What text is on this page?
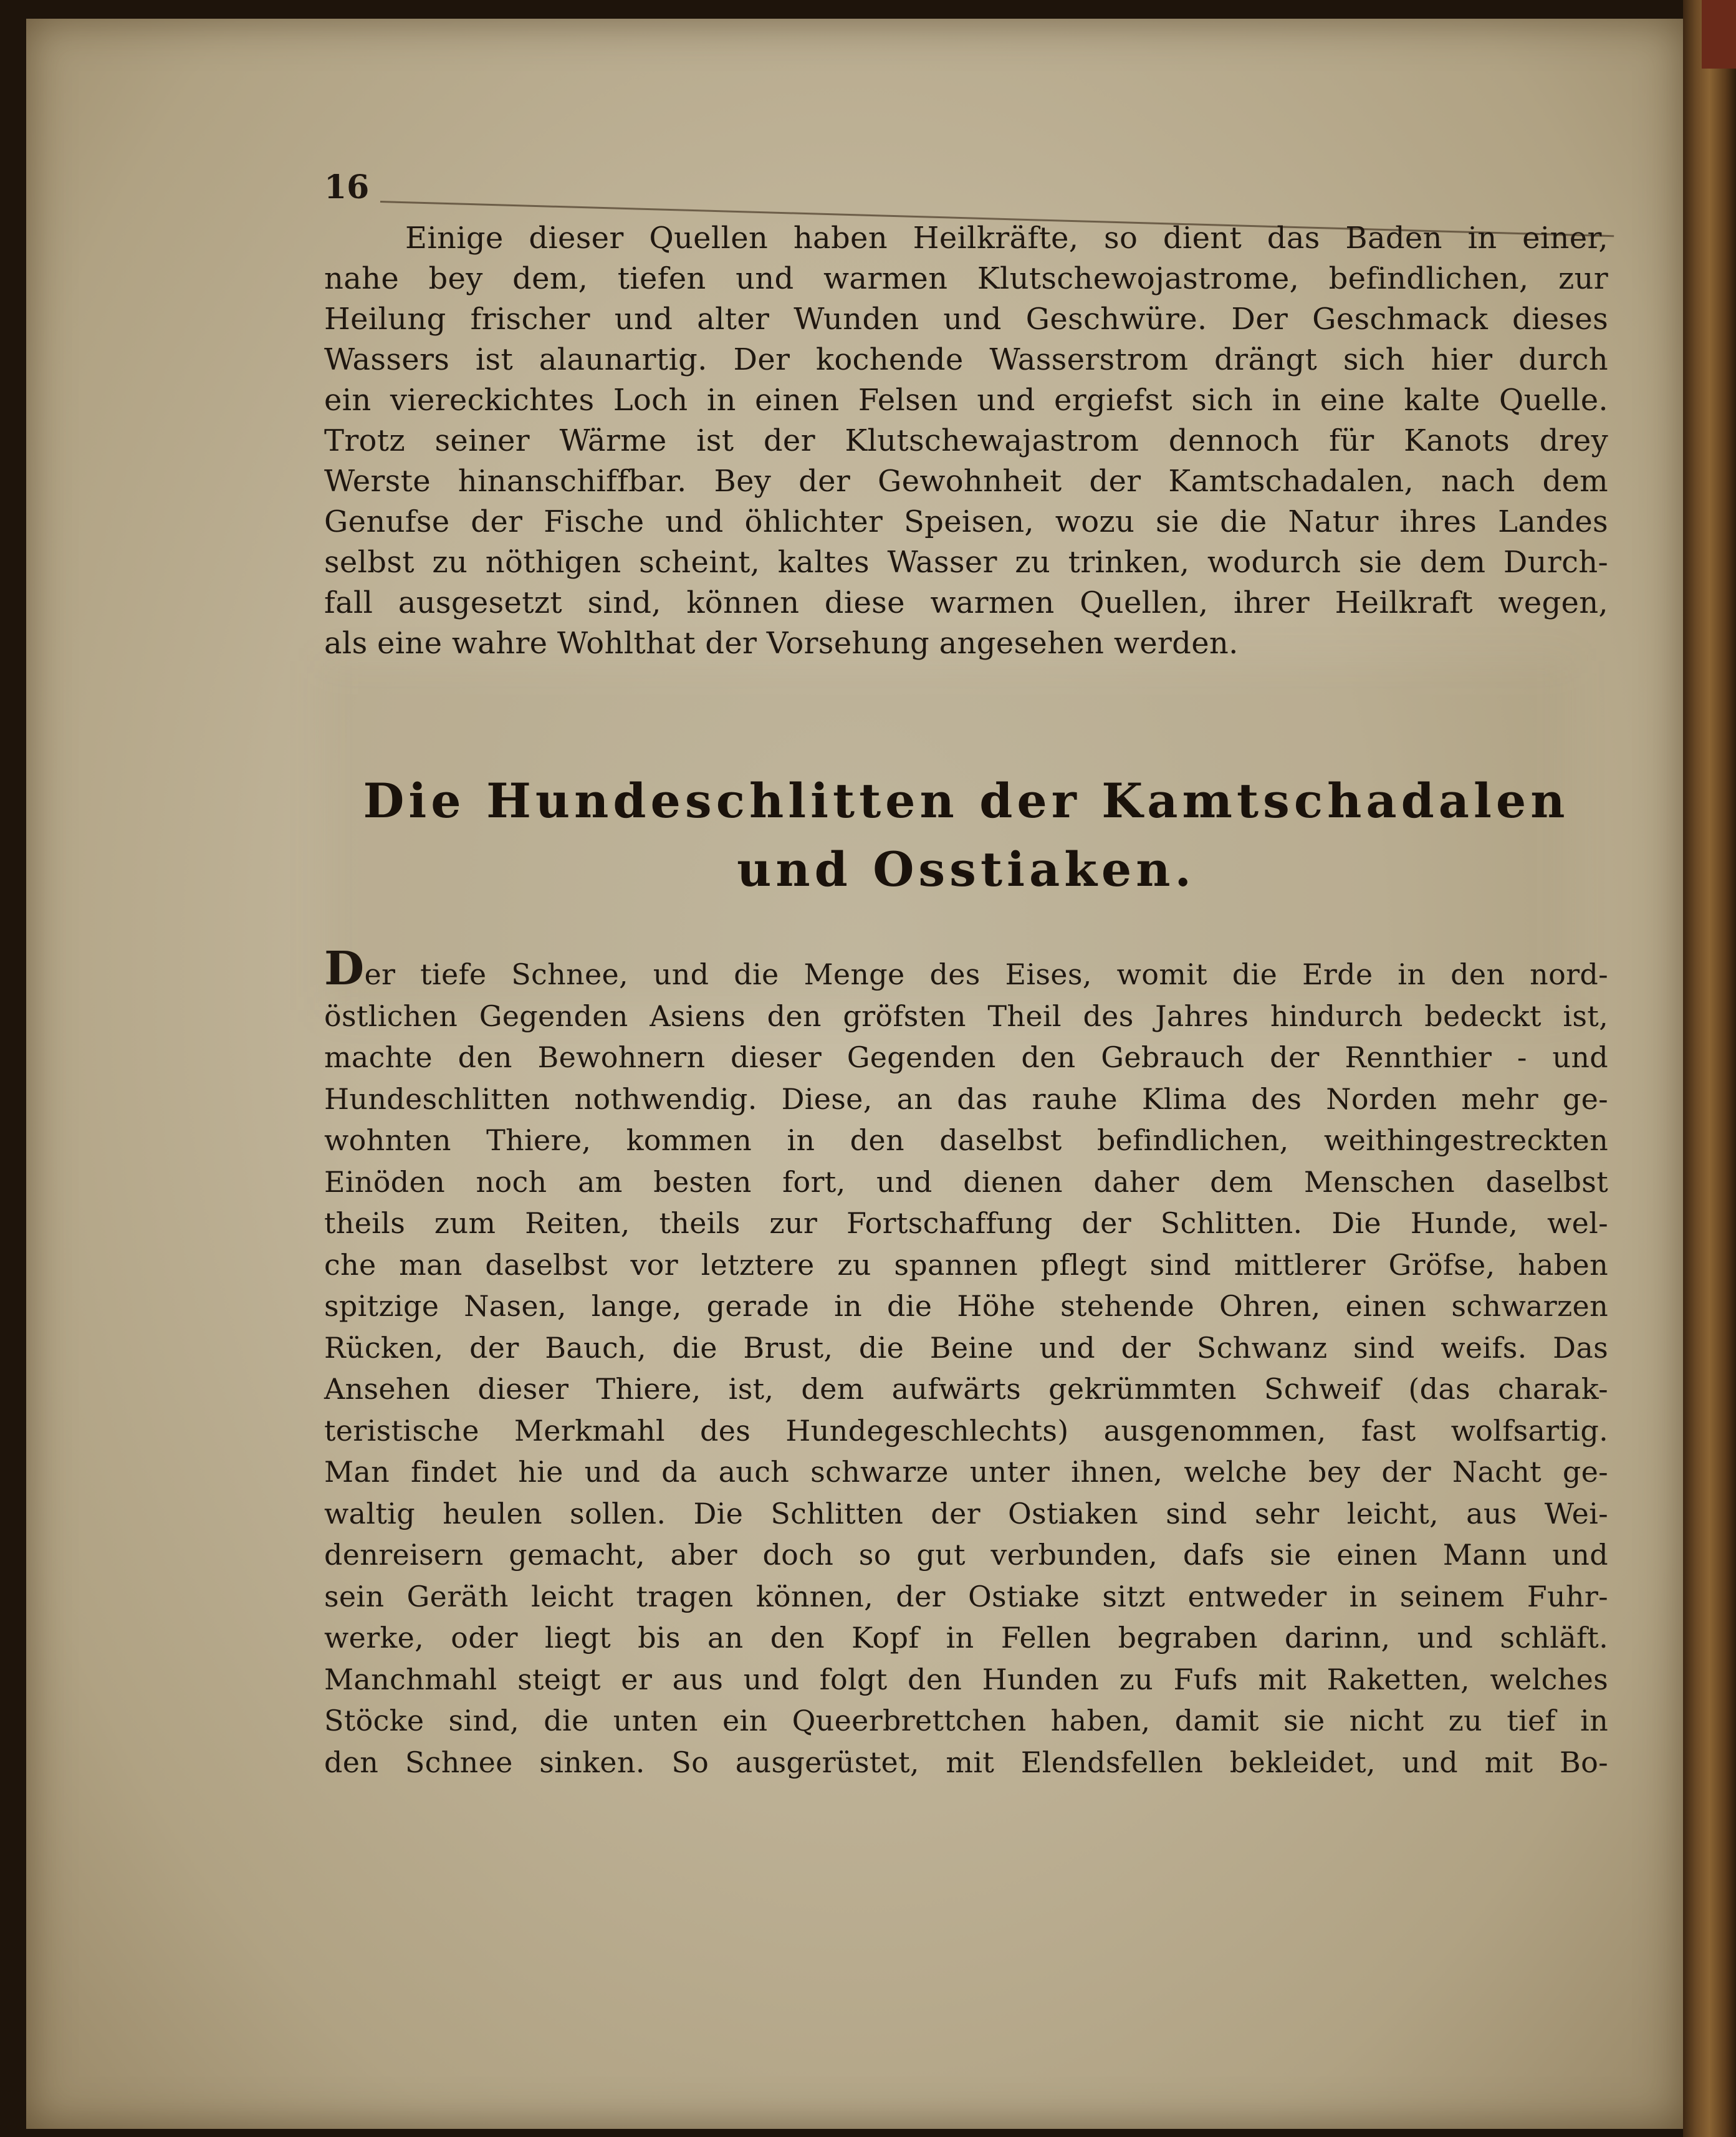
16
Einige dieser Quellen haben Heilkräfte, so dient das Baden in einer,
nahe bey dem, tiefen und warmen Klutschewojastrome, befindlichen, zur
Heilung frischer und alter Wunden und Geschwüre. Der Geschmack dieses
Wassers ist alaunartig. Der kochende Wasserstrom drängt sich hier durch
ein viereckichtes Loch in einen Felsen und ergiefst sich in eine kalte Quelle.
Trotz seiner Wärme ist der Klutschewajastrom dennoch für Kanots drey
Werste hinanschiffbar. Bey der Gewohnheit der Kamtschadalen, nach dem
Genufse der Fische und öhlichter Speisen, wozu sie die Natur ihres Landes
selbst zu nöthigen scheint, kaltes Wasser zu trinken, wodurch sie dem Durch-
fall ausgesetzt sind, können diese warmen Quellen, ihrer Heilkraft wegen,
als eine wahre Wohlthat der Vorsehung angesehen werden.
Die Hundeschlitten der Kamtschadalen
und Osstiaken.
Der tiefe Schnee, und die Menge des Eises, womit die Erde in den nord-
östlichen Gegenden Asiens den gröfsten Theil des Jahres hindurch bedeckt ist,
machte den Bewohnern dieser Gegenden den Gebrauch der Rennthier - und
Hundeschlitten nothwendig. Diese, an das rauhe Klima des Norden mehr ge-
wohnten Thiere, kommen in den daselbst befindlichen, weithingestreckten
Einöden noch am besten fort, und dienen daher dem Menschen daselbst
theils zum Reiten, theils zur Fortschaffung der Schlitten. Die Hunde, wel-
che man daselbst vor letztere zu spannen pflegt sind mittlerer Gröfse, haben
spitzige Nasen, lange, gerade in die Höhe stehende Ohren, einen schwarzen
Rücken, der Bauch, die Brust, die Beine und der Schwanz sind weifs. Das
Ansehen dieser Thiere, ist, dem aufwärts gekrümmten Schweif (das charak-
teristische Merkmahl des Hundegeschlechts) ausgenommen, fast wolfsartig.
Man findet hie und da auch schwarze unter ihnen, welche bey der Nacht ge-
waltig heulen sollen. Die Schlitten der Ostiaken sind sehr leicht, aus Wei-
denreisern gemacht, aber doch so gut verbunden, dafs sie einen Mann und
sein Geräth leicht tragen können, der Ostiake sitzt entweder in seinem Fuhr-
werke, oder liegt bis an den Kopf in Fellen begraben darinn, und schläft.
Manchmahl steigt er aus und folgt den Hunden zu Fufs mit Raketten, welches
Stöcke sind, die unten ein Queerbrettchen haben, damit sie nicht zu tief in
den Schnee sinken. So ausgerüstet, mit Elendsfellen bekleidet, und mit Bo-
